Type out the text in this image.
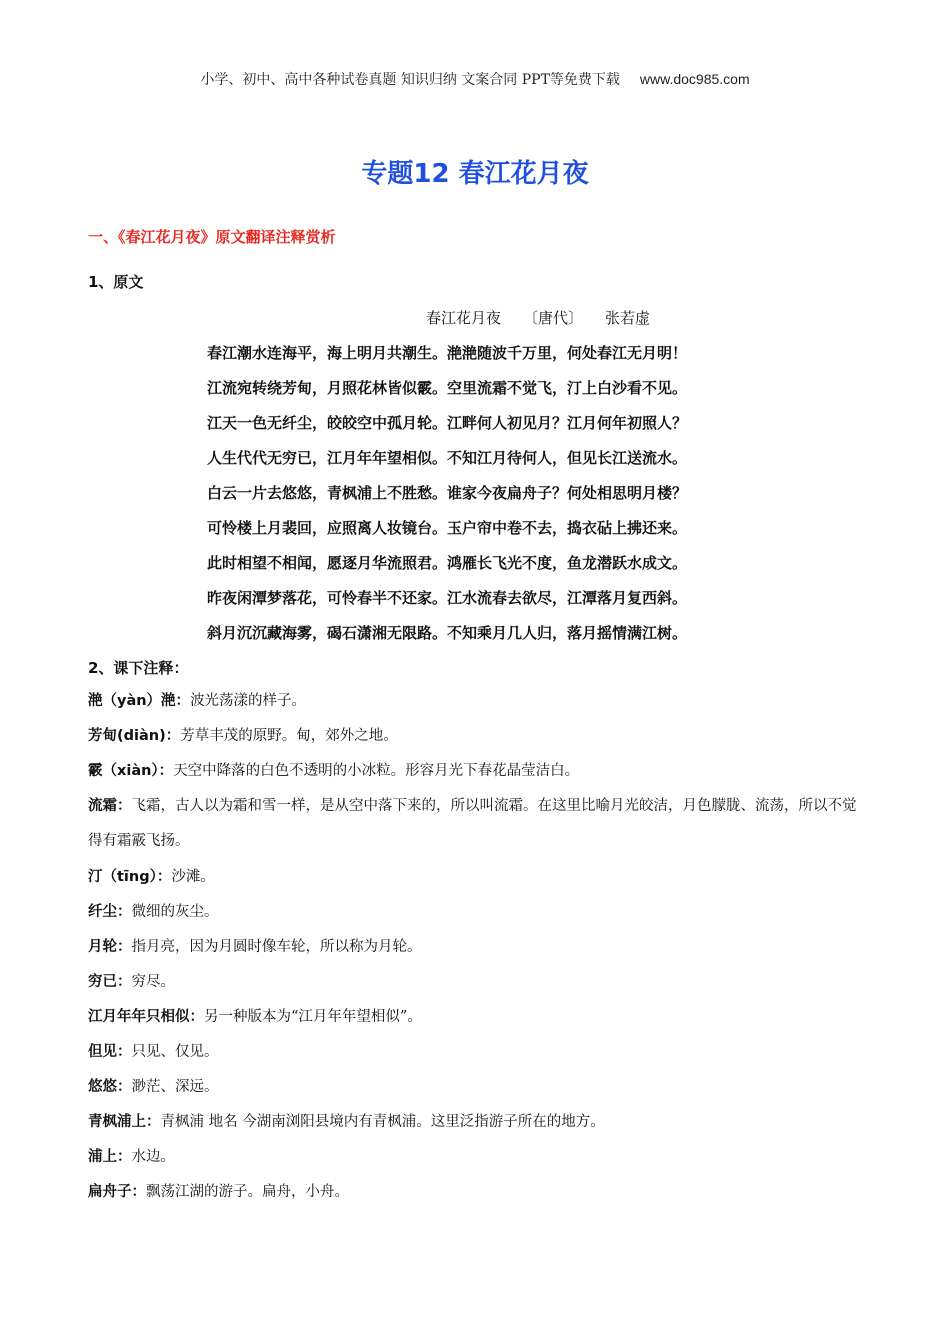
小学、初中、高中各种试卷真题 知识归纳 文案合同 PPT等免费下载 www.doc985.com
专题12 春江花月夜
一、《春江花月夜》原文翻译注释赏析
1、原文
春江花月夜 〔唐代〕 张若虚
春江潮水连海平，海上明月共潮生。滟滟随波千万里，何处春江无月明！
江流宛转绕芳甸，月照花林皆似霰。空里流霜不觉飞，汀上白沙看不见。
江天一色无纤尘，皎皎空中孤月轮。江畔何人初见月？江月何年初照人？
人生代代无穷已，江月年年望相似。不知江月待何人，但见长江送流水。
白云一片去悠悠，青枫浦上不胜愁。谁家今夜扁舟子？何处相思明月楼？
可怜楼上月裴回，应照离人妆镜台。玉户帘中卷不去，捣衣砧上拂还来。
此时相望不相闻，愿逐月华流照君。鸿雁长飞光不度，鱼龙潜跃水成文。
昨夜闲潭梦落花，可怜春半不还家。江水流春去欲尽，江潭落月复西斜。
斜月沉沉藏海雾，碣石潇湘无限路。不知乘月几人归，落月摇情满江树。
2、课下注释：
滟（yàn）滟：波光荡漾的样子。
芳甸(diàn)：芳草丰茂的原野。甸，郊外之地。
霰（xiàn）：天空中降落的白色不透明的小冰粒。形容月光下春花晶莹洁白。
流霜：飞霜，古人以为霜和雪一样，是从空中落下来的，所以叫流霜。在这里比喻月光皎洁，月色朦胧、流荡，所以不觉得有霜霰飞扬。
汀（tīng）：沙滩。
纤尘：微细的灰尘。
月轮：指月亮，因为月圆时像车轮，所以称为月轮。
穷已：穷尽。
江月年年只相似：另一种版本为“江月年年望相似”。
但见：只见、仅见。
悠悠：渺茫、深远。
青枫浦上：青枫浦 地名 今湖南浏阳县境内有青枫浦。这里泛指游子所在的地方。
浦上：水边。
扁舟子：飘荡江湖的游子。扁舟，小舟。
